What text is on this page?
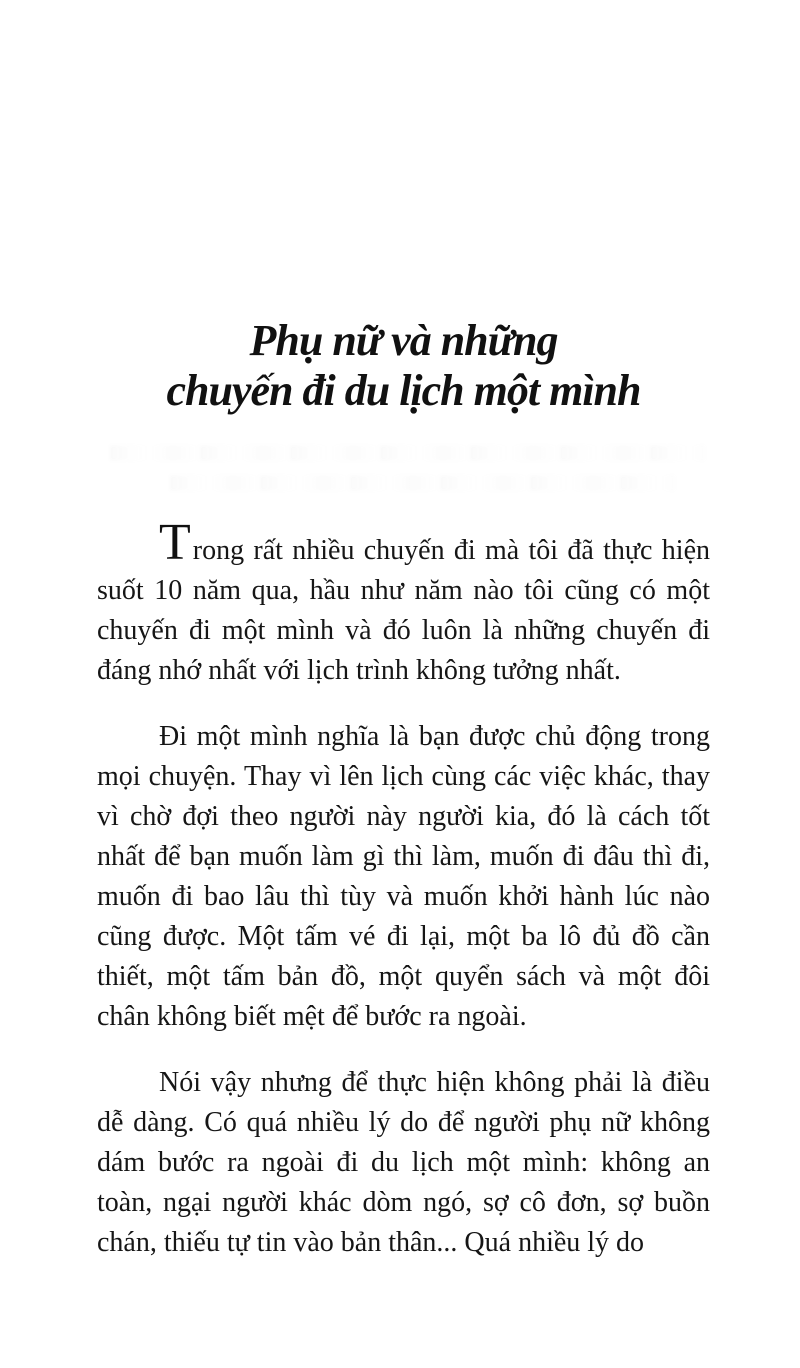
Phụ nữ và những
chuyến đi du lịch một mình

Trong rất nhiều chuyến đi mà tôi đã thực hiện suốt 10 năm qua, hầu như năm nào tôi cũng có một chuyến đi một mình và đó luôn là những chuyến đi đáng nhớ nhất với lịch trình không tưởng nhất.

Đi một mình nghĩa là bạn được chủ động trong mọi chuyện. Thay vì lên lịch cùng các việc khác, thay vì chờ đợi theo người này người kia, đó là cách tốt nhất để bạn muốn làm gì thì làm, muốn đi đâu thì đi, muốn đi bao lâu thì tùy và muốn khởi hành lúc nào cũng được. Một tấm vé đi lại, một ba lô đủ đồ cần thiết, một tấm bản đồ, một quyển sách và một đôi chân không biết mệt để bước ra ngoài.

Nói vậy nhưng để thực hiện không phải là điều dễ dàng. Có quá nhiều lý do để người phụ nữ không dám bước ra ngoài đi du lịch một mình: không an toàn, ngại người khác dòm ngó, sợ cô đơn, sợ buồn chán, thiếu tự tin vào bản thân... Quá nhiều lý do
